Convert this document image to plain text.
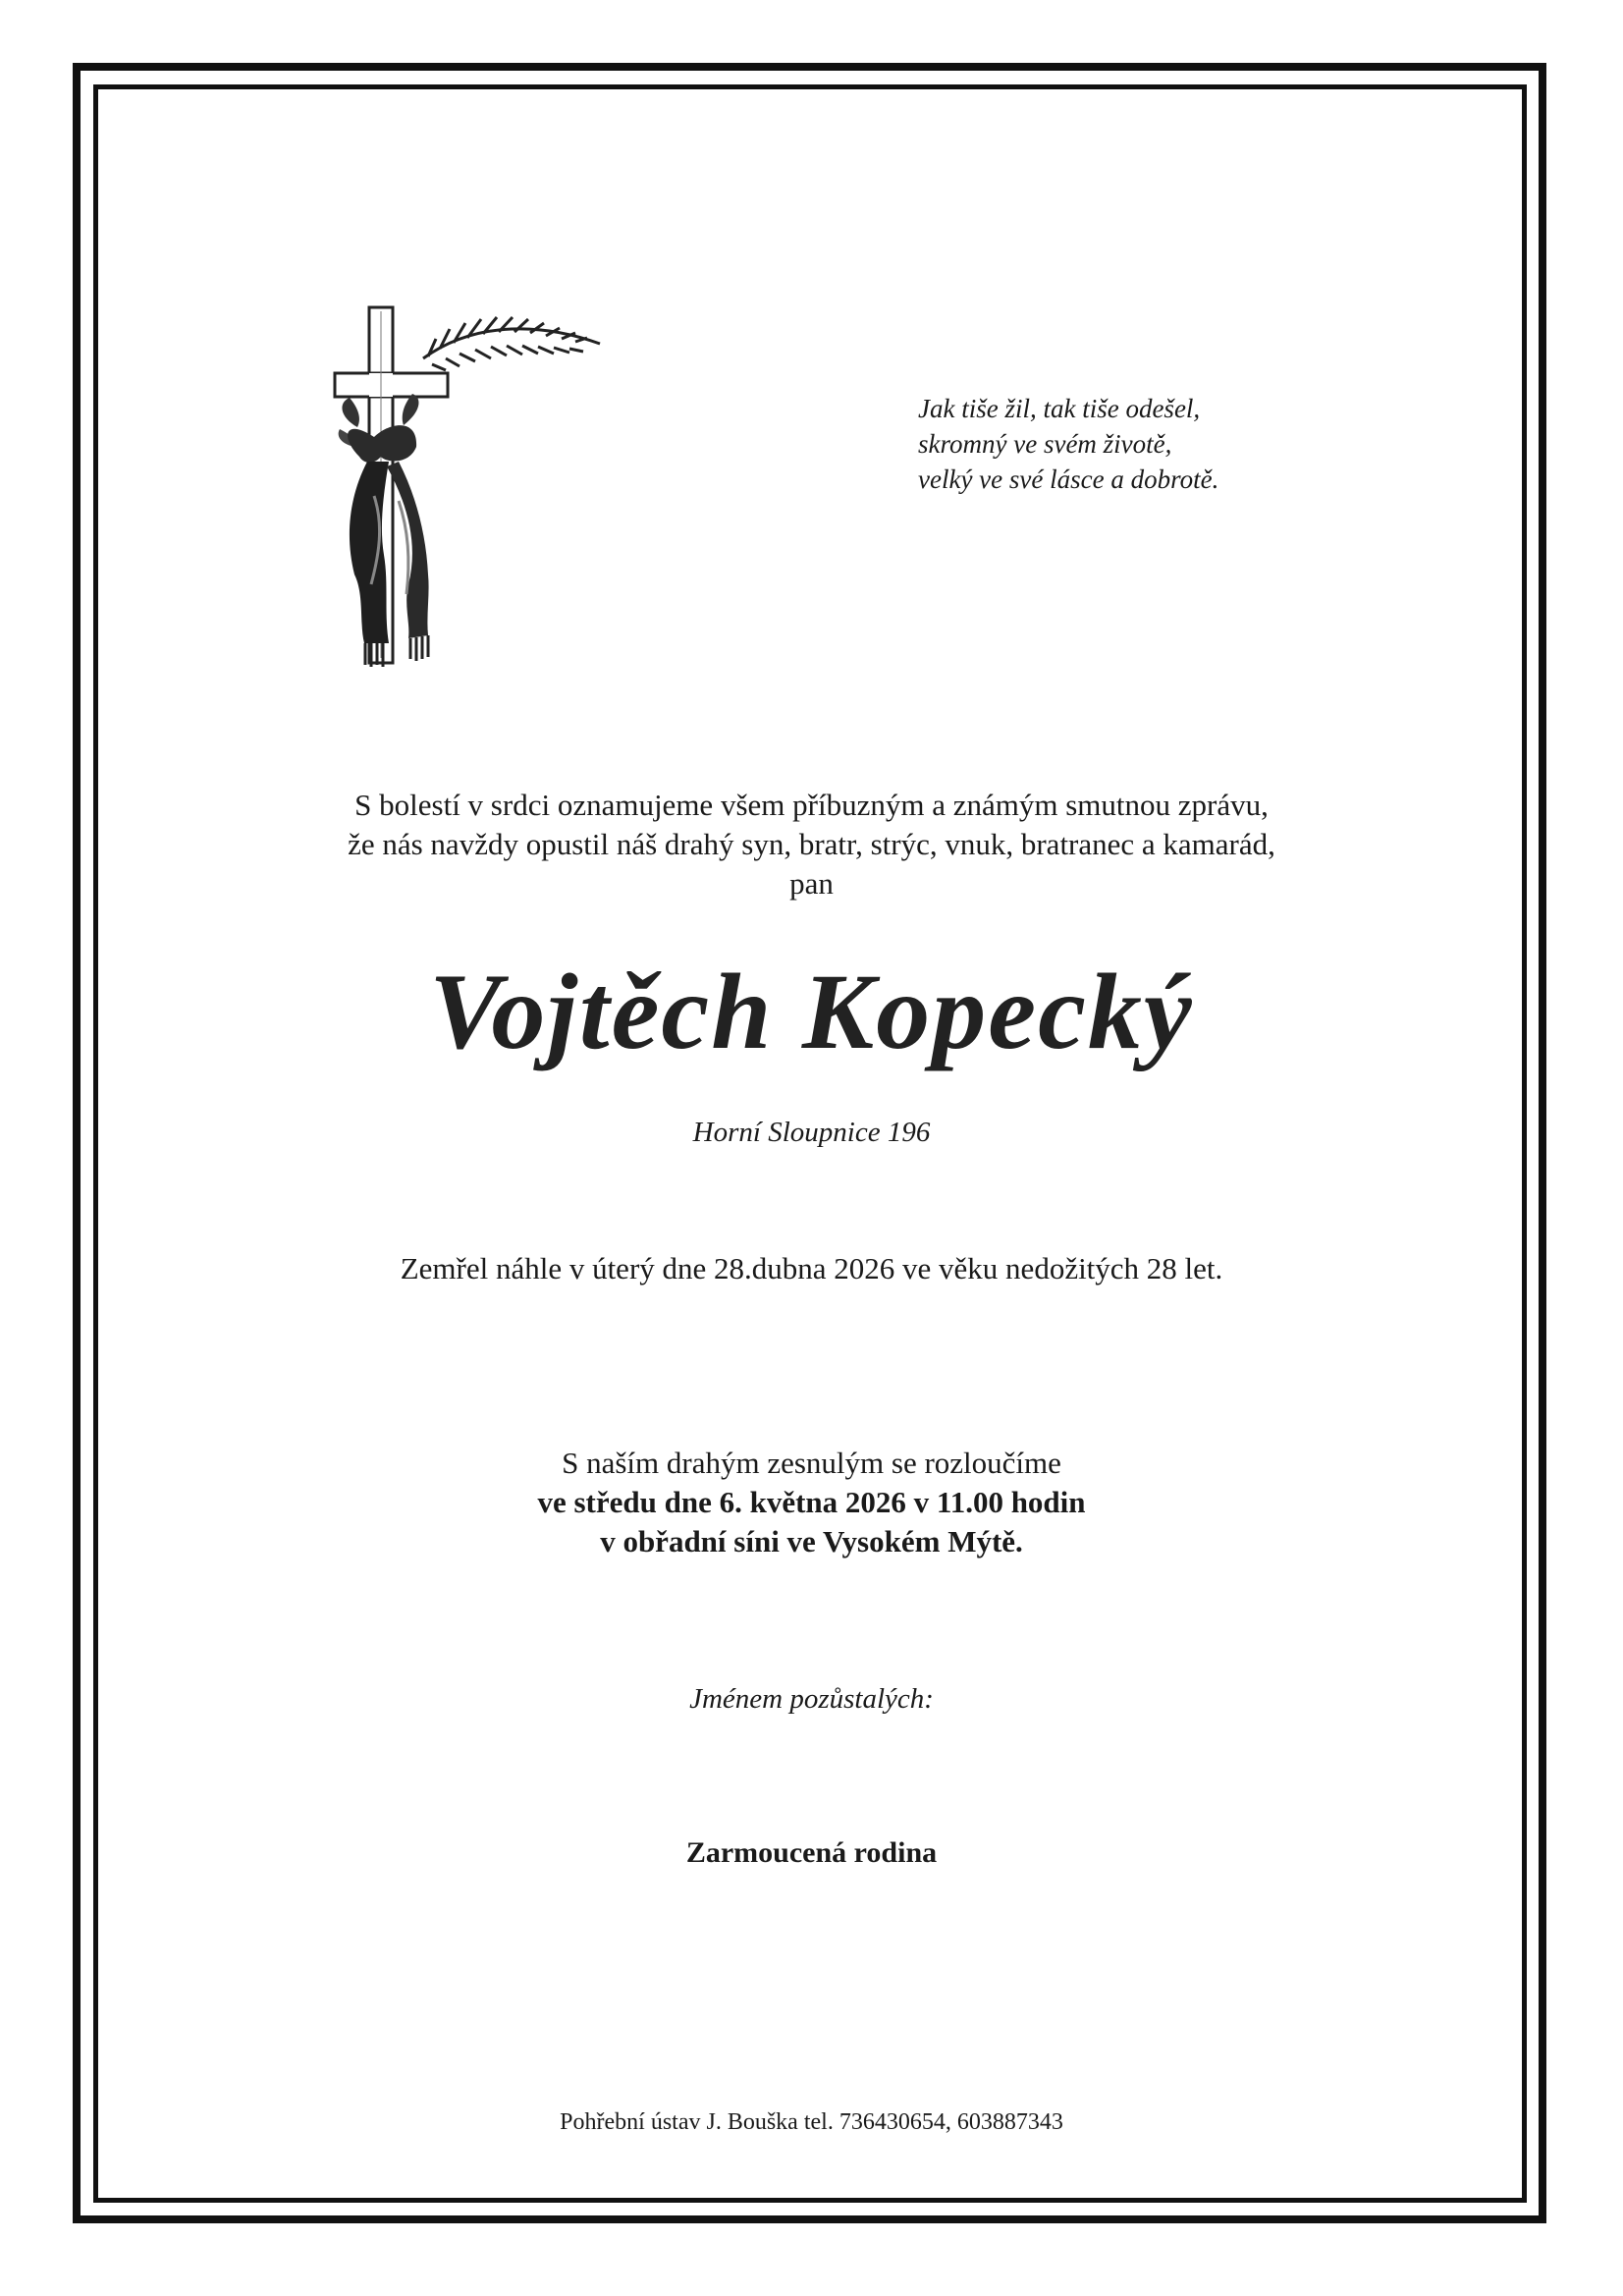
Jak tiše žil, tak tiše odešel,
skromný ve svém životě,
velký ve své lásce a dobrotě.
S bolestí v srdci oznamujeme všem příbuzným a známým smutnou zprávu,
že nás navždy opustil náš drahý syn, bratr, strýc, vnuk, bratranec a kamarád,
pan
Vojtěch Kopecký
Horní Sloupnice 196
Zemřel náhle v úterý dne 28.dubna 2026 ve věku nedožitých 28 let.
S naším drahým zesnulým se rozloučíme
ve středu dne 6. května 2026 v 11.00 hodin
v obřadní síni ve Vysokém Mýtě.
Jménem pozůstalých:
Zarmoucená rodina
Pohřební ústav J. Bouška tel. 736430654, 603887343
